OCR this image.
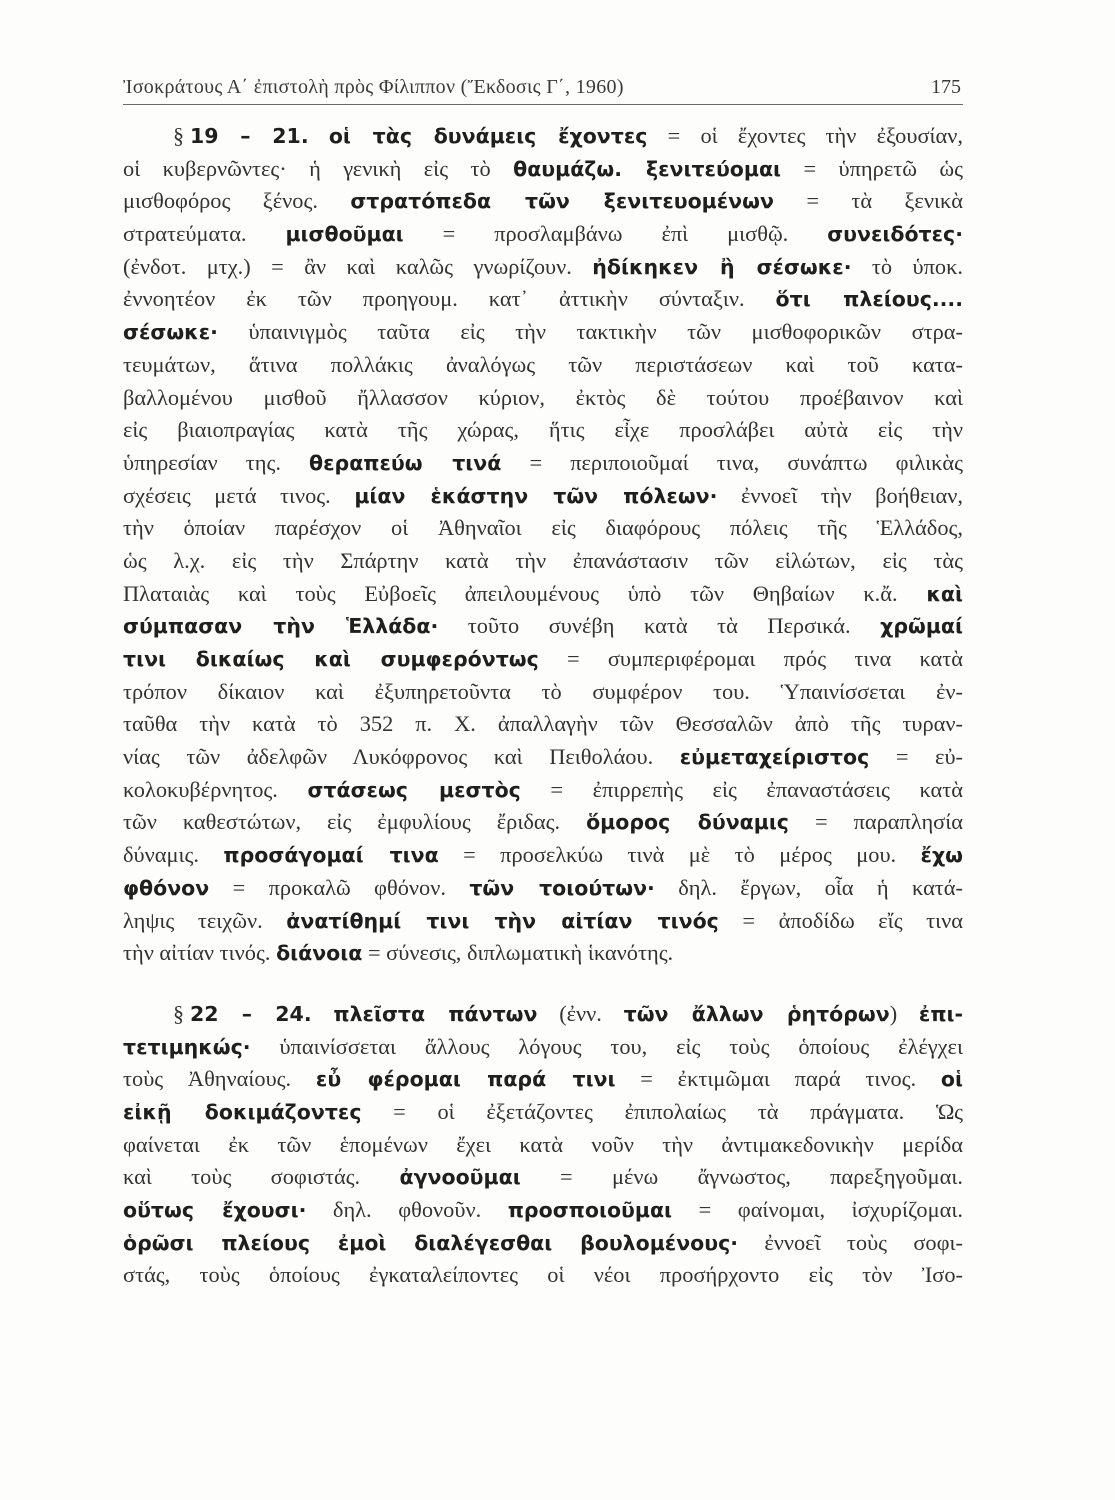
Ἰσοκράτους Α΄ ἐπιστολὴ πρὸς Φίλιππον (Ἔκδοσις Γ΄, 1960)	175
§ 19 – 21. οἱ τὰς δυνάμεις ἔχοντες = οἱ ἔχοντες τὴν ἐξουσίαν,
οἱ κυβερνῶντες· ἡ γενικὴ εἰς τὸ θαυμάζω. ξενιτεύομαι = ὑπηρετῶ ὡς
μισθοφόρος ξένος. στρατόπεδα τῶν ξενιτευομένων = τὰ ξενικὰ
στρατεύματα. μισθοῦμαι = προσλαμβάνω ἐπὶ μισθῷ. συνειδότες·
(ἐνδοτ. μτχ.) = ἂν καὶ καλῶς γνωρίζουν. ἠδίκηκεν ἢ σέσωκε· τὸ ὑποκ.
ἐννοητέον ἐκ τῶν προηγουμ. κατ᾽ ἀττικὴν σύνταξιν. ὅτι πλείους....
σέσωκε· ὑπαινιγμὸς ταῦτα εἰς τὴν τακτικὴν τῶν μισθοφορικῶν στρα-
τευμάτων, ἅτινα πολλάκις ἀναλόγως τῶν περιστάσεων καὶ τοῦ κατα-
βαλλομένου μισθοῦ ἤλλασσον κύριον, ἐκτὸς δὲ τούτου προέβαινον καὶ
εἰς βιαιοπραγίας κατὰ τῆς χώρας, ἥτις εἶχε προσλάβει αὐτὰ εἰς τὴν
ὑπηρεσίαν της. θεραπεύω τινά = περιποιοῦμαί τινα, συνάπτω φιλικὰς
σχέσεις μετά τινος. μίαν ἑκάστην τῶν πόλεων· ἐννοεῖ τὴν βοήθειαν,
τὴν ὁποίαν παρέσχον οἱ Ἀθηναῖοι εἰς διαφόρους πόλεις τῆς Ἑλλάδος,
ὡς λ.χ. εἰς τὴν Σπάρτην κατὰ τὴν ἐπανάστασιν τῶν εἱλώτων, εἰς τὰς
Πλαταιὰς καὶ τοὺς Εὐβοεῖς ἀπειλουμένους ὑπὸ τῶν Θηβαίων κ.ἄ. καὶ
σύμπασαν τὴν Ἑλλάδα· τοῦτο συνέβη κατὰ τὰ Περσικά. χρῶμαί
τινι δικαίως καὶ συμφερόντως = συμπεριφέρομαι πρός τινα κατὰ
τρόπον δίκαιον καὶ ἐξυπηρετοῦντα τὸ συμφέρον του. Ὑπαινίσσεται ἐν-
ταῦθα τὴν κατὰ τὸ 352 π. Χ. ἀπαλλαγὴν τῶν Θεσσαλῶν ἀπὸ τῆς τυραν-
νίας τῶν ἀδελφῶν Λυκόφρονος καὶ Πειθολάου. εὐμεταχείριστος = εὐ-
κολοκυβέρνητος. στάσεως μεστὸς = ἐπιρρεπὴς εἰς ἐπαναστάσεις κατὰ
τῶν καθεστώτων, εἰς ἐμφυλίους ἔριδας. ὅμορος δύναμις = παραπλησία
δύναμις. προσάγομαί τινα = προσελκύω τινὰ μὲ τὸ μέρος μου. ἔχω
φθόνον = προκαλῶ φθόνον. τῶν τοιούτων· δηλ. ἔργων, οἷα ἡ κατά-
ληψις τειχῶν. ἀνατίθημί τινι τὴν αἰτίαν τινός = ἀποδίδω εἴς τινα
τὴν αἰτίαν τινός. διάνοια = σύνεσις, διπλωματικὴ ἱκανότης.
§ 22 – 24. πλεῖστα πάντων (ἐνν. τῶν ἄλλων ῥητόρων) ἐπι-
τετιμηκώς· ὑπαινίσσεται ἄλλους λόγους του, εἰς τοὺς ὁποίους ἐλέγχει
τοὺς Ἀθηναίους. εὖ φέρομαι παρά τινι = ἐκτιμῶμαι παρά τινος. οἱ
εἰκῇ δοκιμάζοντες = οἱ ἐξετάζοντες ἐπιπολαίως τὰ πράγματα. Ὡς
φαίνεται ἐκ τῶν ἑπομένων ἔχει κατὰ νοῦν τὴν ἀντιμακεδονικὴν μερίδα
καὶ τοὺς σοφιστάς. ἀγνοοῦμαι = μένω ἄγνωστος, παρεξηγοῦμαι.
οὕτως ἔχουσι· δηλ. φθονοῦν. προσποιοῦμαι = φαίνομαι, ἰσχυρίζομαι.
ὁρῶσι πλείους ἐμοὶ διαλέγεσθαι βουλομένους· ἐννοεῖ τοὺς σοφι-
στάς, τοὺς ὁποίους ἐγκαταλείποντες οἱ νέοι προσήρχοντο εἰς τὸν Ἰσο-
